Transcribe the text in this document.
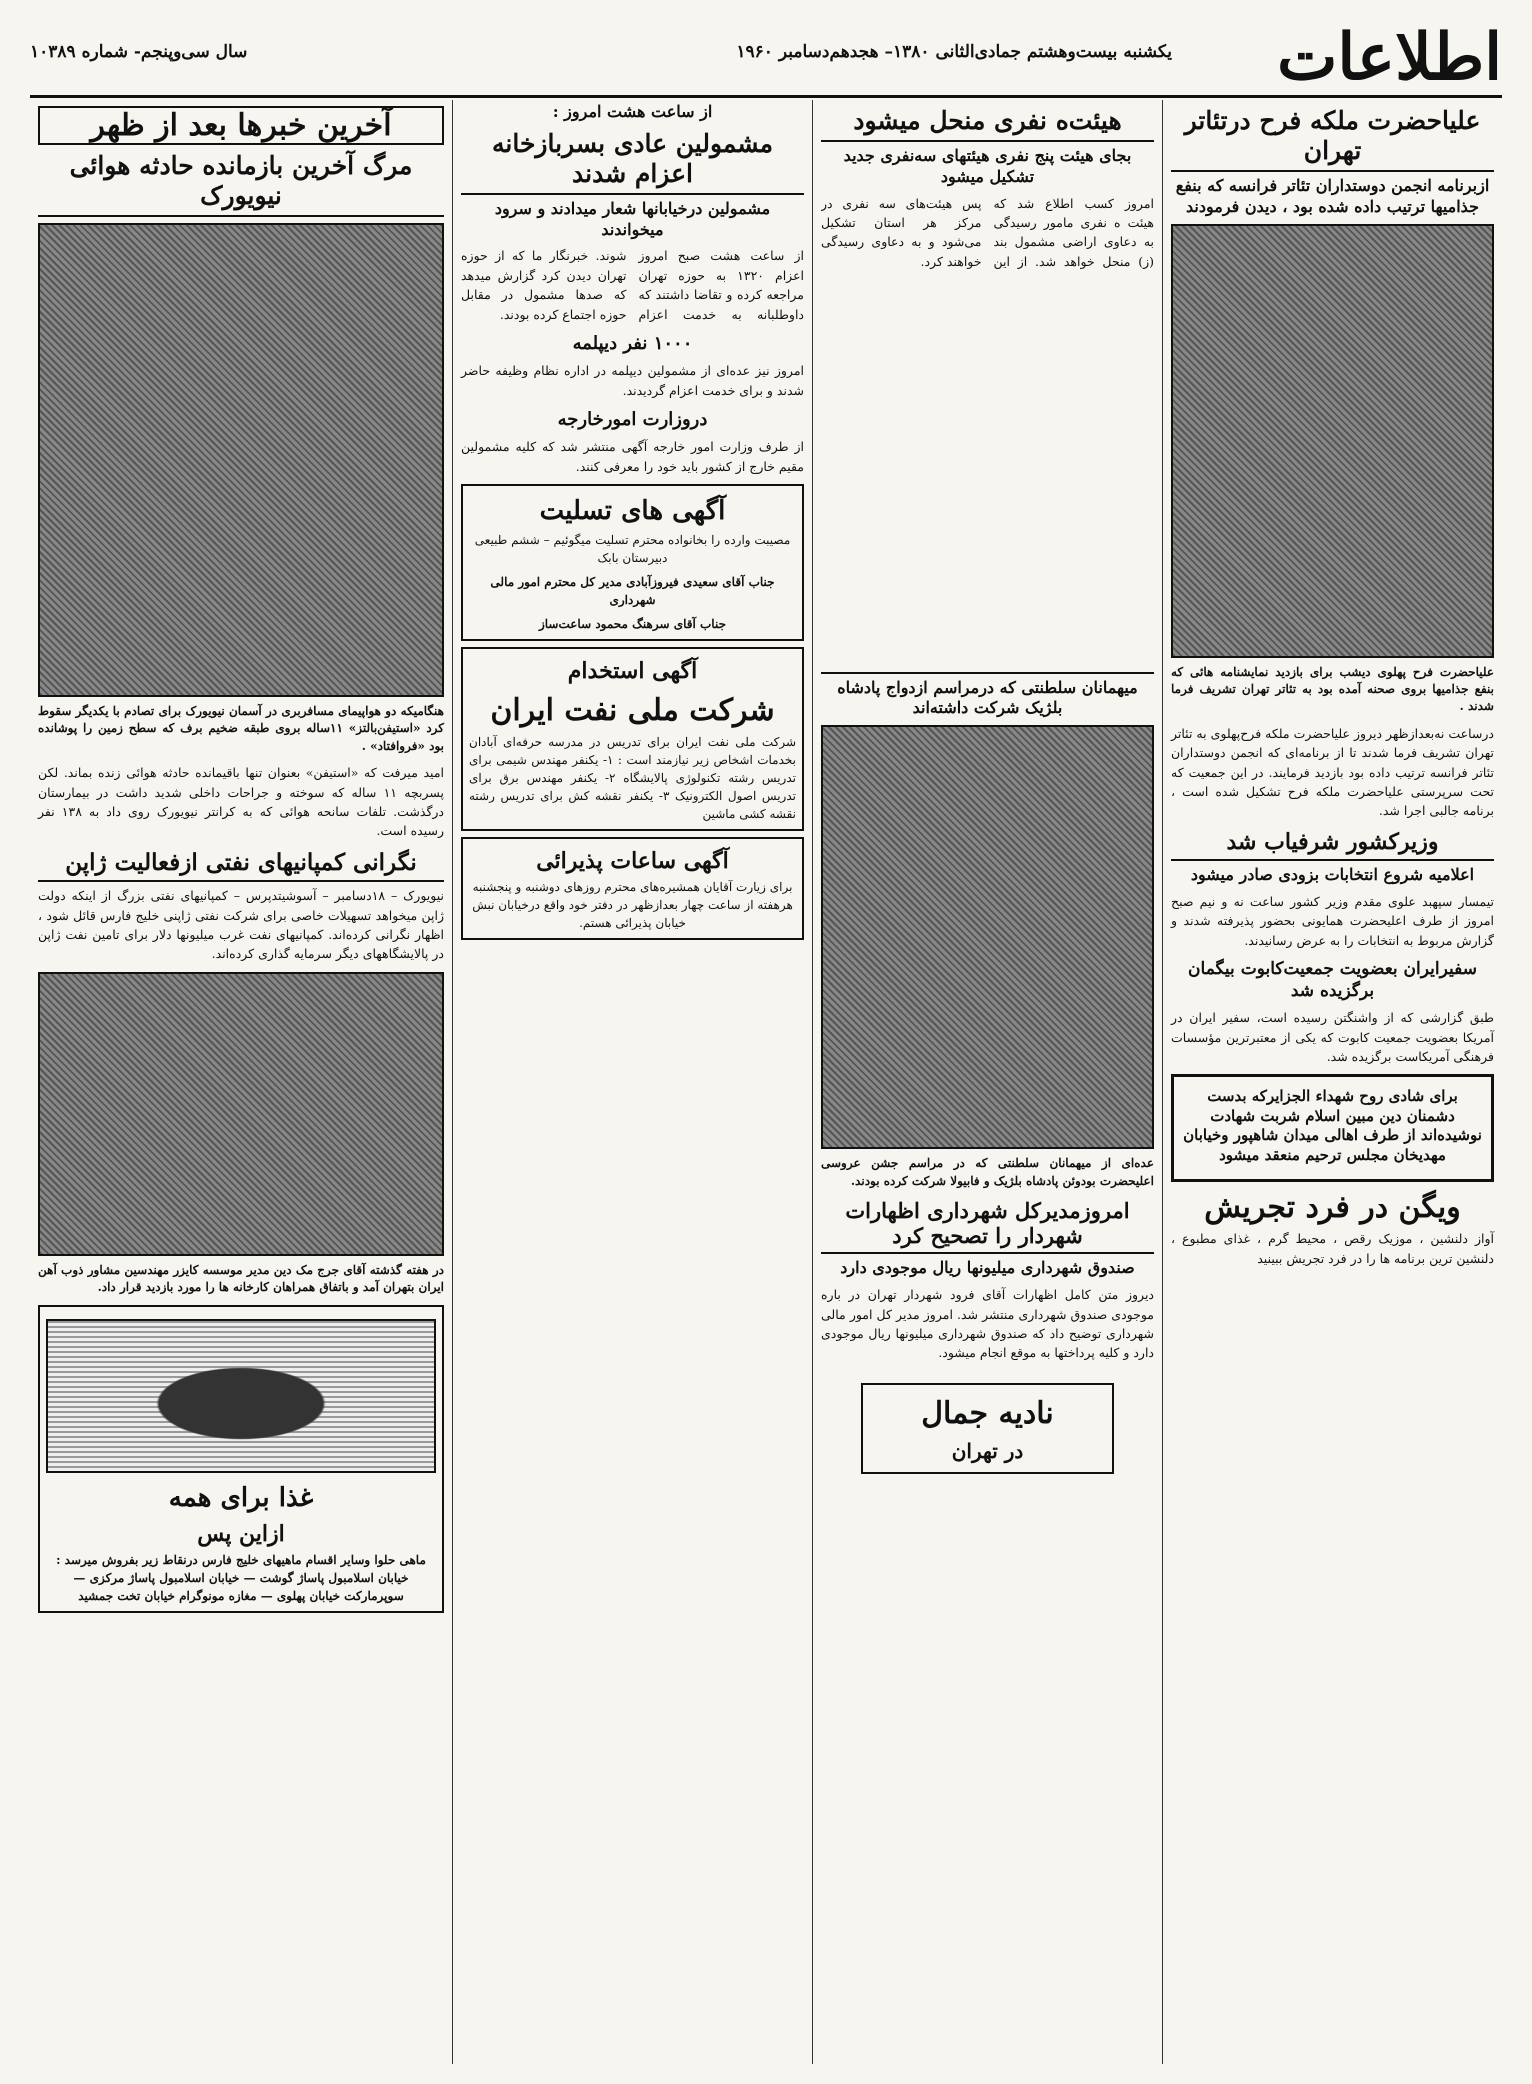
اطلاعات
یکشنبه بیست‌وهشتم جمادی‌الثانی ۱۳۸۰– هجدهم‌دسامبر ۱۹۶۰
سال سی‌وپنجم- شماره ۱۰۳۸۹
علیاحضرت ملکه فرح درتئاتر تهران
ازبرنامه انجمن دوستداران تئاتر فرانسه که بنفع جذامیها ترتیب داده شده بود ، دیدن فرمودند
علیاحضرت فرح پهلوی دیشب برای بازدید نمایشنامه هائی که بنفع جذامیها بروی صحنه آمده بود به تئاتر تهران تشریف فرما شدند .
درساعت نه‌بعدازظهر دیروز علیاحضرت ملکه فرح‌پهلوی به تئاتر تهران تشریف فرما شدند تا از برنامه‌ای که انجمن دوستداران تئاتر فرانسه ترتیب داده بود بازدید فرمایند. در این جمعیت که تحت سرپرستی علیاحضرت ملکه فرح تشکیل شده است ، برنامه جالبی اجرا شد.
وزیرکشور شرفیاب شد
اعلامیه شروع انتخابات بزودی صادر میشود
تیمسار سپهبد علوی مقدم وزیر کشور ساعت نه و نیم صبح امروز از طرف اعلیحضرت همایونی بحضور پذیرفته شدند و گزارش مربوط به انتخابات را به عرض رسانیدند.
سفیرایران بعضویت جمعیت‌کابوت بیگمان برگزیده شد
طبق گزارشی که از واشنگتن رسیده است، سفیر ایران در آمریکا بعضویت جمعیت کابوت که یکی از معتبرترین مؤسسات فرهنگی آمریکاست برگزیده شد.
برای شادی روح شهداء الجزایرکه بدست دشمنان دین مبین اسلام شربت شهادت نوشیده‌اند از طرف اهالی میدان شاهپور وخیابان مهدیخان مجلس ترحیم منعقد میشود
ویگن در فرد تجریش
آواز دلنشین ، موزیک رقص ، محیط گرم ، غذای مطبوع ، دلنشین ترین برنامه ها را در فرد تجریش ببینید
هیئت‌ه نفری منحل میشود
بجای هیئت پنج نفری هیئتهای سه‌نفری جدید تشکیل میشود
امروز کسب اطلاع شد که هیئت ه نفری مامور رسیدگی به دعاوی اراضی مشمول بند (ز) منحل خواهد شد. از این پس هیئت‌های سه نفری در مرکز هر استان تشکیل می‌شود و به دعاوی رسیدگی خواهند کرد.
میهمانان سلطنتی که درمراسم ازدواج پادشاه بلژیک شرکت داشته‌اند
عده‌ای از میهمانان سلطنتی که در مراسم جشن عروسی اعلیحضرت بودوئن پادشاه بلژیک و فابیولا شرکت کرده بودند.
امروزمدیرکل شهرداری اظهارات شهردار را تصحیح کرد
صندوق شهرداری میلیونها ریال موجودی دارد
دیروز متن کامل اظهارات آقای فرود شهردار تهران در باره موجودی صندوق شهرداری منتشر شد. امروز مدیر کل امور مالی شهرداری توضیح داد که صندوق شهرداری میلیونها ریال موجودی دارد و کلیه پرداختها به موقع انجام میشود.
نادیه جمال
در تهران
از ساعت هشت امروز :
مشمولین عادی بسربازخانه اعزام شدند
مشمولین درخیابانها شعار میدادند و سرود میخواندند
از ساعت هشت صبح امروز اعزام ۱۳۲۰ به حوزه تهران مراجعه کرده و تقاضا داشتند که داوطلبانه به خدمت اعزام شوند. خبرنگار ما که از حوزه تهران دیدن کرد گزارش میدهد که صدها مشمول در مقابل حوزه اجتماع کرده بودند.
۱۰۰۰ نفر دیپلمه
امروز نیز عده‌ای از مشمولین دیپلمه در اداره نظام وظیفه حاضر شدند و برای خدمت اعزام گردیدند.
دروزارت امورخارجه
از طرف وزارت امور خارجه آگهی منتشر شد که کلیه مشمولین مقیم خارج از کشور باید خود را معرفی کنند.
آگهی های تسلیت
مصیبت وارده را بخانواده محترم تسلیت میگوئیم – ششم طبیعی دبیرستان بابک
جناب آقای سعیدی فیروزآبادی مدیر کل محترم امور مالی شهرداری
جناب آقای سرهنگ محمود ساعت‌ساز
آگهی استخدام
شرکت ملی نفت ایران
شرکت ملی نفت ایران برای تدریس در مدرسه حرفه‌ای آبادان بخدمات اشخاص زیر نیازمند است : ۱- یکنفر مهندس شیمی برای تدریس رشته تکنولوژی پالایشگاه ۲- یکنفر مهندس برق برای تدریس اصول الکترونیک ۳- یکنفر نقشه کش برای تدریس رشته نقشه کشی ماشین
آگهی ساعات پذیرائی
برای زیارت آقایان همشیره‌های محترم روزهای دوشنبه و پنجشنبه هرهفته از ساعت چهار بعدازظهر در دفتر خود واقع درخیابان نبش خیابان پذیرائی هستم.
آخرین خبرها بعد از ظهر
مرگ آخرین بازمانده حادثه هوائی نیویورک
هنگامیکه دو هواپیمای مسافربری در آسمان نیویورک برای تصادم با یکدیگر سقوط کرد «استیفن‌بالتز» ۱۱ساله بروی طبقه ضخیم برف که سطح زمین را پوشانده بود «فروافتاد» .
امید میرفت که «استیفن» بعنوان تنها باقیمانده حادثه هوائی زنده بماند. لکن پسربچه ۱۱ ساله که سوخته و جراحات داخلی شدید داشت در بیمارستان درگذشت. تلفات سانحه هوائی که به کرانتر نیویورک روی داد به ۱۳۸ نفر رسیده است.
نگرانی کمپانیهای نفتی ازفعالیت ژاپن
نیویورک – ۱۸دسامبر – آسوشیتدپرس – کمپانیهای نفتی بزرگ از اینکه دولت ژاپن میخواهد تسهیلات خاصی برای شرکت نفتی ژاپنی خلیج فارس قائل شود ، اظهار نگرانی کرده‌اند. کمپانیهای نفت غرب میلیونها دلار برای تامین نفت ژاپن در پالایشگاههای دیگر سرمایه گذاری کرده‌اند.
در هفته گذشته آقای جرج مک دین مدیر موسسه کایزر مهندسین مشاور ذوب آهن ایران بتهران آمد و باتفاق همراهان کارخانه ها را مورد بازدید قرار داد.
غذا برای همه
ازاین پس
ماهی حلوا وسایر اقسام ماهیهای خلیج فارس درنقاط زیر بفروش میرسد :
خیابان اسلامبول پاساژ گوشت — خیابان اسلامبول پاساژ مرکزی — سوپرمارکت خیابان پهلوی — مغازه مونوگرام خیابان تخت جمشید
